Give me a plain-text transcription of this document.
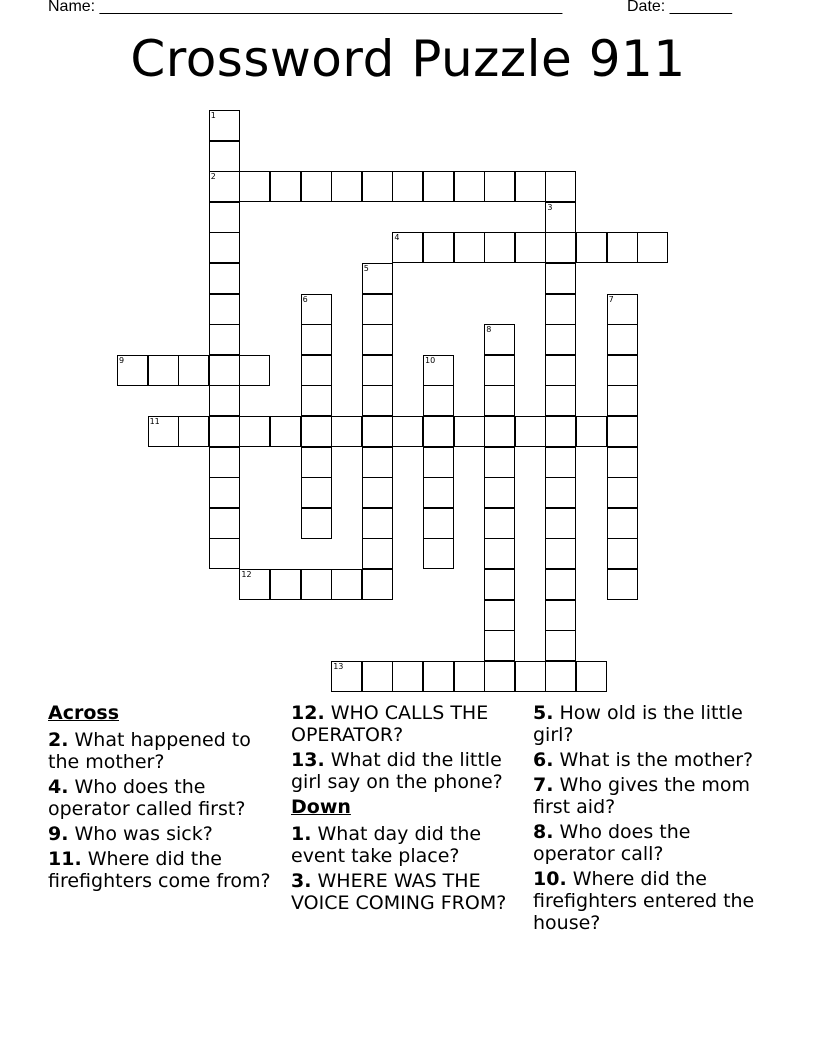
Name: ____________________________________________________	Date: _______
Crossword Puzzle 911
1
2
3
4
5
6	7
8
9	10
11
12
13
Across
2. What happened to the mother?
4. Who does the operator called first?
9. Who was sick?
11. Where did the firefighters come from?
12. WHO CALLS THE OPERATOR?
13. What did the little girl say on the phone?
Down
1. What day did the event take place?
3. WHERE WAS THE VOICE COMING FROM?
5. How old is the little girl?
6. What is the mother?
7. Who gives the mom first aid?
8. Who does the operator call?
10. Where did the firefighters entered the house?
